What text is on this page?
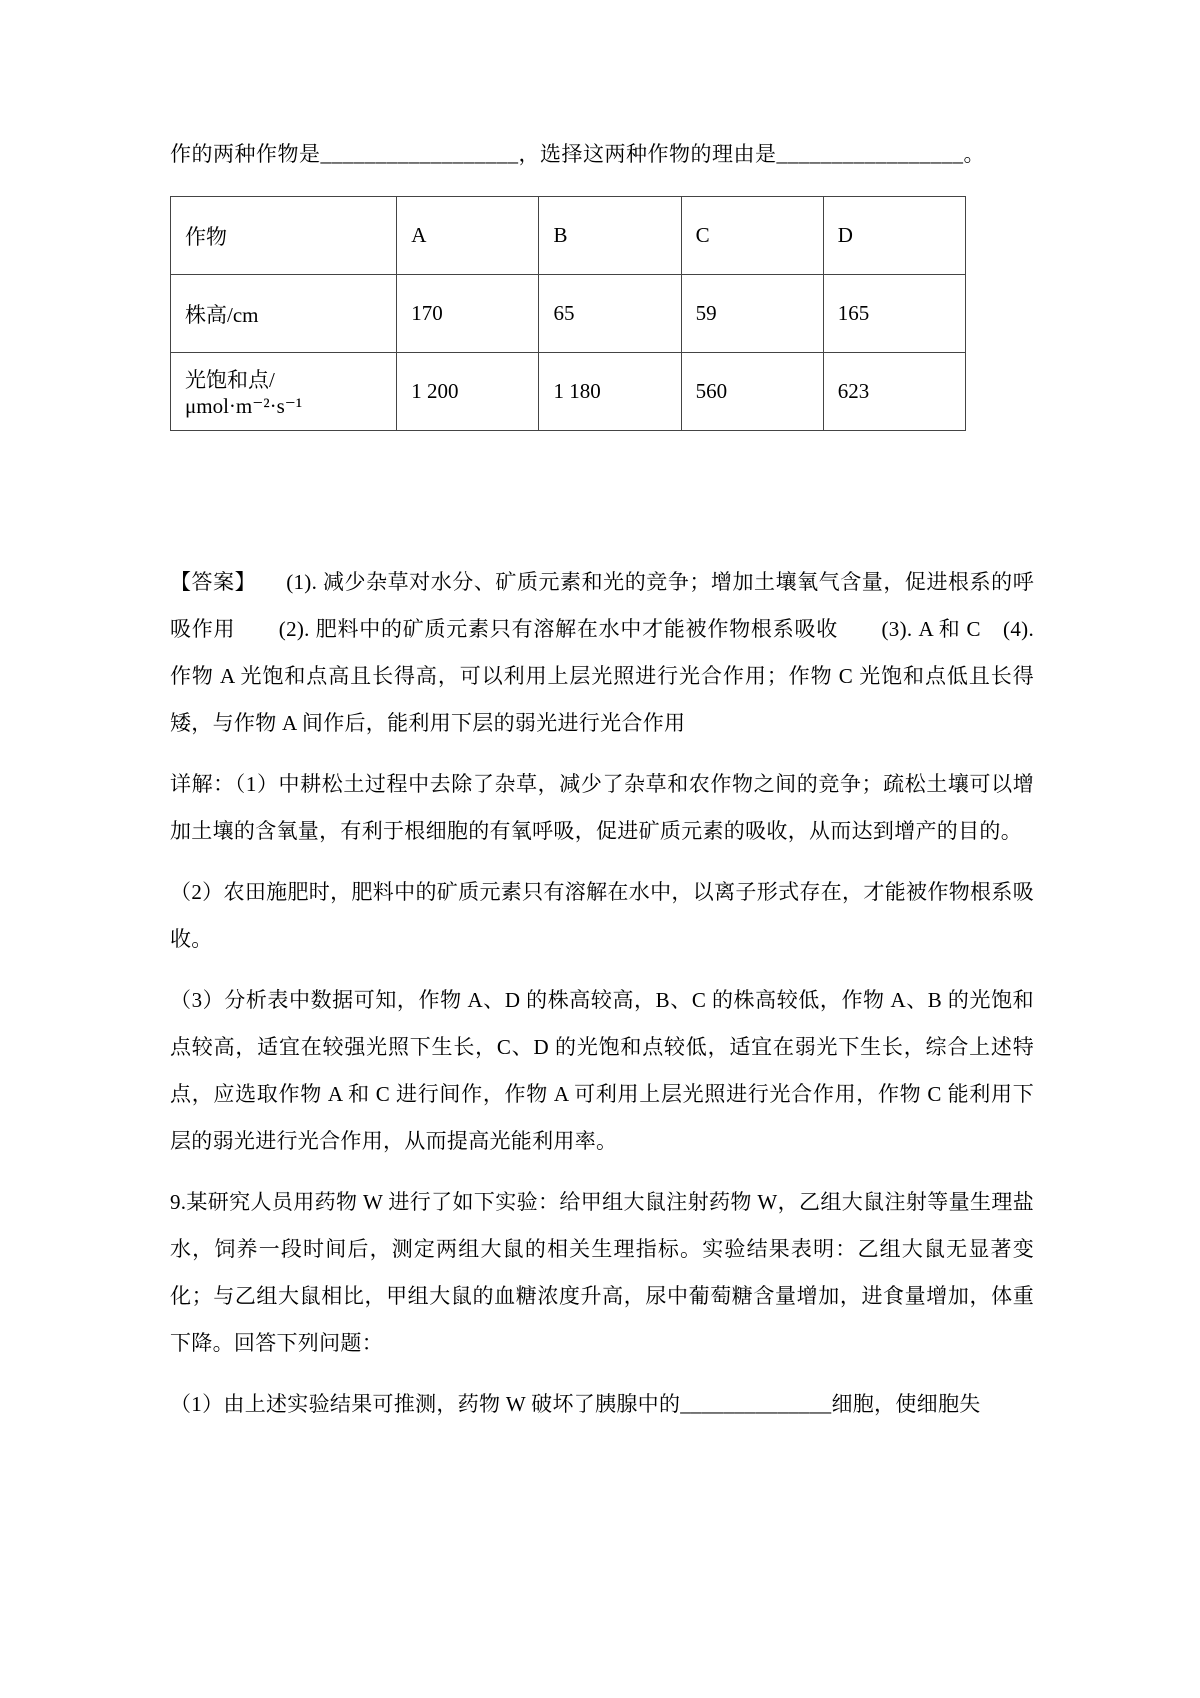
作的两种作物是__________________，选择这两种作物的理由是_________________。

作物	A	B	C	D
株高/cm	170	65	59	165
光饱和点/μmol·m⁻²·s⁻¹	1 200	1 180	560	623

【答案】 (1). 减少杂草对水分、矿质元素和光的竞争；增加土壤氧气含量，促进根系的呼吸作用　　(2). 肥料中的矿质元素只有溶解在水中才能被作物根系吸收　　(3). A 和 C　(4). 作物 A 光饱和点高且长得高，可以利用上层光照进行光合作用；作物 C 光饱和点低且长得矮，与作物 A 间作后，能利用下层的弱光进行光合作用

详解：（1）中耕松土过程中去除了杂草，减少了杂草和农作物之间的竞争；疏松土壤可以增加土壤的含氧量，有利于根细胞的有氧呼吸，促进矿质元素的吸收，从而达到增产的目的。

（2）农田施肥时，肥料中的矿质元素只有溶解在水中，以离子形式存在，才能被作物根系吸收。

（3）分析表中数据可知，作物 A、D 的株高较高，B、C 的株高较低，作物 A、B 的光饱和点较高，适宜在较强光照下生长，C、D 的光饱和点较低，适宜在弱光下生长，综合上述特点，应选取作物 A 和 C 进行间作，作物 A 可利用上层光照进行光合作用，作物 C 能利用下层的弱光进行光合作用，从而提高光能利用率。

9.某研究人员用药物 W 进行了如下实验：给甲组大鼠注射药物 W，乙组大鼠注射等量生理盐水，饲养一段时间后，测定两组大鼠的相关生理指标。实验结果表明：乙组大鼠无显著变化；与乙组大鼠相比，甲组大鼠的血糖浓度升高，尿中葡萄糖含量增加，进食量增加，体重下降。回答下列问题：

（1）由上述实验结果可推测，药物 W 破坏了胰腺中的______________细胞，使细胞失
